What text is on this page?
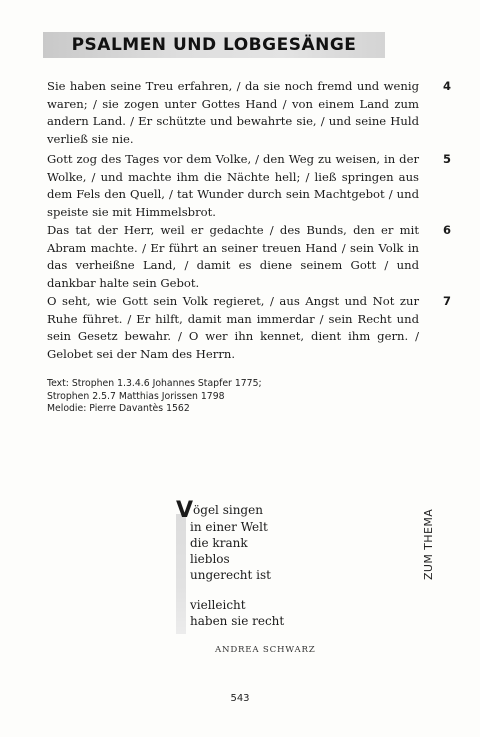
PSALMEN UND LOBGESÄNGE
Sie haben seine Treu erfahren, / da sie noch fremd und wenig waren; / sie zogen unter Gottes Hand / von einem Land zum andern Land. / Er schützte und bewahrte sie, / und seine Huld verließ sie nie.
4
Gott zog des Tages vor dem Volke, / den Weg zu weisen, in der Wolke, / und machte ihm die Nächte hell; / ließ springen aus dem Fels den Quell, / tat Wunder durch sein Machtgebot / und speiste sie mit Himmelsbrot.
5
Das tat der Herr, weil er gedachte / des Bunds, den er mit Abram machte. / Er führt an seiner treuen Hand / sein Volk in das verheißne Land, / damit es diene seinem Gott / und dankbar halte sein Gebot.
6
O seht, wie Gott sein Volk regieret, / aus Angst und Not zur Ruhe führet. / Er hilft, damit man immerdar / sein Recht und sein Gesetz bewahr. / O wer ihn kennet, dient ihm gern. / Gelobet sei der Nam des Herrn.
7
Text: Strophen 1.3.4.6 Johannes Stapfer 1775;
Strophen 2.5.7 Matthias Jorissen 1798
Melodie: Pierre Davantès 1562
Vögel singen
in einer Welt
die krank
lieblos
ungerecht ist
vielleicht
haben sie recht
ANDREA SCHWARZ
ZUM THEMA
543
